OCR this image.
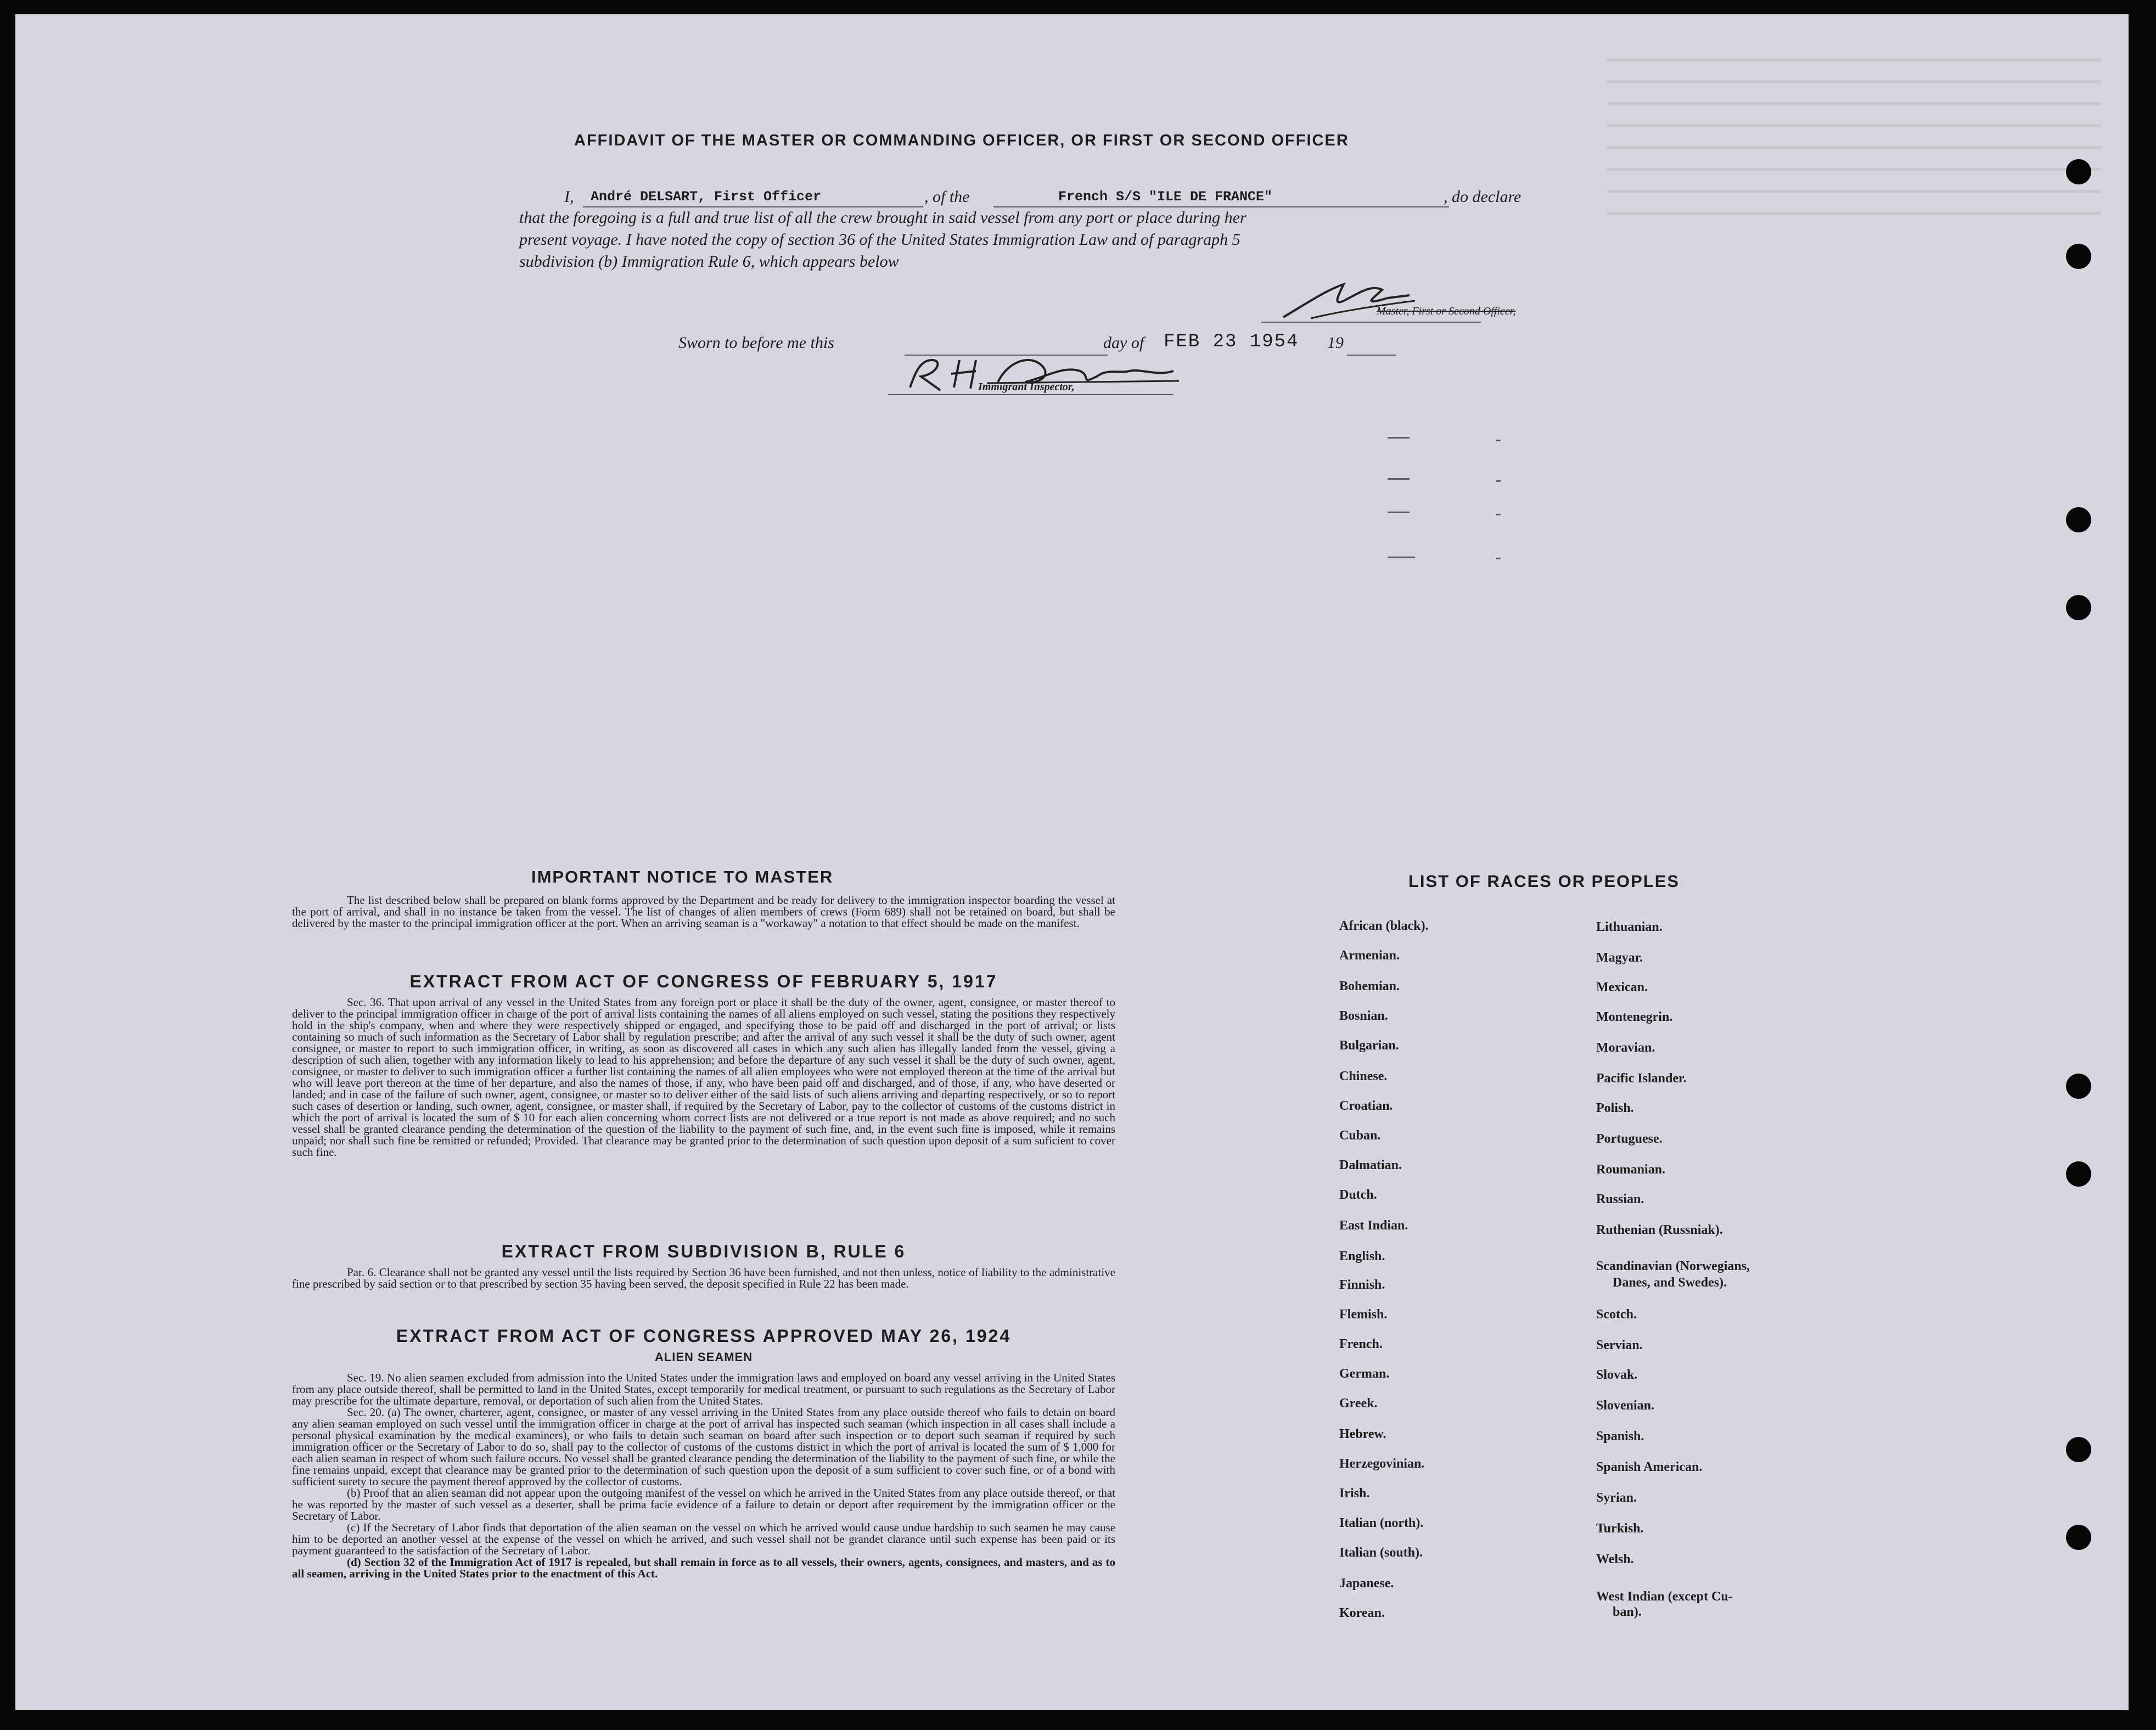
AFFIDAVIT OF THE MASTER OR COMMANDING OFFICER, OR FIRST OR SECOND OFFICER
I, André DELSART, First Officer	, of the	French S/S "ILE DE FRANCE"	, do declare
that the foregoing is a full and true list of all the crew brought in said vessel from any port or place during her
present voyage. I have noted the copy of section 36 of the United States Immigration Law and of paragraph 5
subdivision (b) Immigration Rule 6, which appears below
Master, First or Second Officer,
Sworn to before me this	day of FEB 23 1954 19
Immigrant Inspector,
IMPORTANT NOTICE TO MASTER

The list described below shall be prepared on blank forms approved by the Department and be ready for delivery to the immigration inspector boarding the vessel at the port of arrival, and shall in no instance be taken from the vessel. The list of changes of alien members of crews (Form 689) shall not be retained on board, but shall be delivered by the master to the principal immigration officer at the port. When an arriving seaman is a "workaway" a notation to that effect should be made on the manifest.

EXTRACT FROM ACT OF CONGRESS OF FEBRUARY 5, 1917

Sec. 36. That upon arrival of any vessel in the United States from any foreign port or place it shall be the duty of the owner, agent, consignee, or master thereof to deliver to the principal immigration officer in charge of the port of arrival lists containing the names of all aliens employed on such vessel, stating the positions they respectively hold in the ship's company, when and where they were respectively shipped or engaged, and specifying those to be paid off and discharged in the port of arrival; or lists containing so much of such information as the Secretary of Labor shall by regulation prescribe; and after the arrival of any such vessel it shall be the duty of such owner, agent consignee, or master to report to such immigration officer, in writing, as soon as discovered all cases in which any such alien has illegally landed from the vessel, giving a description of such alien, together with any information likely to lead to his apprehension; and before the departure of any such vessel it shall be the duty of such owner, agent, consignee, or master to deliver to such immigration officer a further list containing the names of all alien employees who were not employed thereon at the time of the arrival but who will leave port thereon at the time of her departure, and also the names of those, if any, who have been paid off and discharged, and of those, if any, who have deserted or landed; and in case of the failure of such owner, agent, consignee, or master so to deliver either of the said lists of such aliens arriving and departing respectively, or so to report such cases of desertion or landing, such owner, agent, consignee, or master shall, if required by the Secretary of Labor, pay to the collector of customs of the customs district in which the port of arrival is located the sum of $ 10 for each alien concerning whom correct lists are not delivered or a true report is not made as above required; and no such vessel shall be granted clearance pending the determination of the question of the liability to the payment of such fine, and, in the event such fine is imposed, while it remains unpaid; nor shall such fine be remitted or refunded; Provided. That clearance may be granted prior to the determination of such question upon deposit of a sum suficient to cover such fine.

EXTRACT FROM SUBDIVISION B, RULE 6

Par. 6. Clearance shall not be granted any vessel until the lists required by Section 36 have been furnished, and not then unless, notice of liability to the administrative fine prescribed by said section or to that prescribed by section 35 having been served, the deposit specified in Rule 22 has been made.

EXTRACT FROM ACT OF CONGRESS APPROVED MAY 26, 1924
ALIEN SEAMEN

Sec. 19. No alien seamen excluded from admission into the United States under the immigration laws and employed on board any vessel arriving in the United States from any place outside thereof, shall be permitted to land in the United States, except temporarily for medical treatment, or pursuant to such regulations as the Secretary of Labor may prescribe for the ultimate departure, removal, or deportation of such alien from the United States.

Sec. 20. (a) The owner, charterer, agent, consignee, or master of any vessel arriving in the United States from any place outside thereof who fails to detain on board any alien seaman employed on such vessel until the immigration officer in charge at the port of arrival has inspected such seaman (which inspection in all cases shall include a personal physical examination by the medical examiners), or who fails to detain such seaman on board after such inspection or to deport such seaman if required by such immigration officer or the Secretary of Labor to do so, shall pay to the collector of customs of the customs district in which the port of arrival is located the sum of $ 1,000 for each alien seaman in respect of whom such failure occurs. No vessel shall be granted clearance pending the determination of the liability to the payment of such fine, or while the fine remains unpaid, except that clearance may be granted prior to the determination of such question upon the deposit of a sum sufficient to cover such fine, or of a bond with sufficient surety to secure the payment thereof approved by the collector of customs.

(b) Proof that an alien seaman did not appear upon the outgoing manifest of the vessel on which he arrived in the United States from any place outside thereof, or that he was reported by the master of such vessel as a deserter, shall be prima facie evidence of a failure to detain or deport after requirement by the immigration officer or the Secretary of Labor.

(c) If the Secretary of Labor finds that deportation of the alien seaman on the vessel on which he arrived would cause undue hardship to such seamen he may cause him to be deported an another vessel at the expense of the vessel on which he arrived, and such vessel shall not be grandet clarance until such expense has been paid or its payment guaranteed to the satisfaction of the Secretary of Labor.

(d) Section 32 of the Immigration Act of 1917 is repealed, but shall remain in force as to all vessels, their owners, agents, consignees, and masters, and as to all seamen, arriving in the United States prior to the enactment of this Act.

LIST OF RACES OR PEOPLES
African (black).
Armenian.
Bohemian.
Bosnian.
Bulgarian.
Chinese.
Croatian.
Cuban.
Dalmatian.
Dutch.
East Indian.
English.
Finnish.
Flemish.
French.
German.
Greek.
Hebrew.
Herzegovinian.
Irish.
Italian (north).
Italian (south).
Japanese.
Korean.
Lithuanian.
Magyar.
Mexican.
Montenegrin.
Moravian.
Pacific Islander.
Polish.
Portuguese.
Roumanian.
Russian.
Ruthenian (Russniak).
Scandinavian (Norwegians,
Danes, and Swedes).
Scotch.
Servian.
Slovak.
Slovenian.
Spanish.
Spanish American.
Syrian.
Turkish.
Welsh.
West Indian (except Cu-
ban).
